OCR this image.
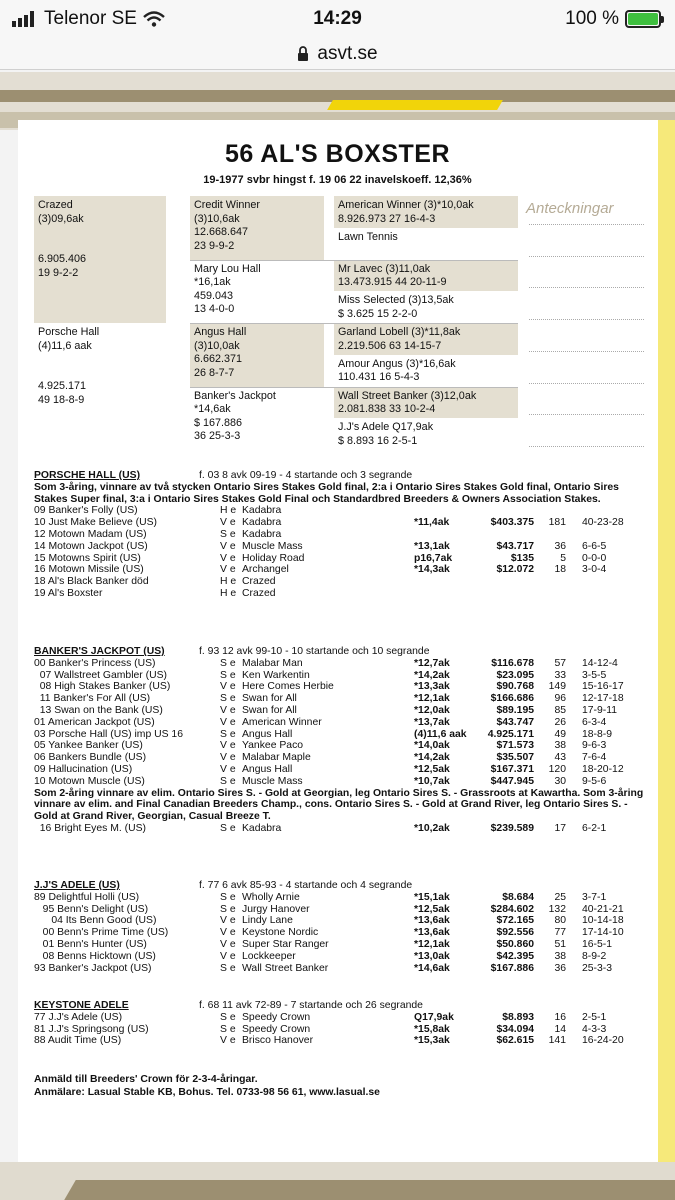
Telenor SE	14:29	100 %
asvt.se
56 AL'S BOXSTER
19-1977 svbr hingst f. 19 06 22 inavelskoeff. 12,36%
Crazed
(3)09,6ak
6.905.406
19 9-2-2
Porsche Hall
(4)11,6 aak
4.925.171
49 18-8-9
Credit Winner
(3)10,6ak
12.668.647
23 9-9-2
Mary Lou Hall
*16,1ak
459.043
13 4-0-0
Angus Hall
(3)10,0ak
6.662.371
26 8-7-7
Banker's Jackpot
*14,6ak
$ 167.886
36 25-3-3
American Winner (3)*10,0ak
8.926.973 27 16-4-3
Lawn Tennis
Mr Lavec (3)11,0ak
13.473.915 44 20-11-9
Miss Selected (3)13,5ak
$ 3.625 15 2-2-0
Garland Lobell (3)*11,8ak
2.219.506 63 14-15-7
Amour Angus (3)*16,6ak
110.431 16 5-4-3
Wall Street Banker (3)12,0ak
2.081.838 33 10-2-4
J.J's Adele Q17,9ak
$ 8.893 16 2-5-1
Anteckningar
PORSCHE HALL (US)	f. 03 8 avk 09-19 - 4 startande och 3 segrande
Som 3-åring, vinnare av två stycken Ontario Sires Stakes Gold final, 2:a i Ontario Sires Stakes Gold final, Ontario Sires Stakes Super final, 3:a i Ontario Sires Stakes Gold Final och Standardbred Breeders & Owners Association Stakes.
09 Banker's Folly (US)	H e Kadabra
10 Just Make Believe (US)	V e Kadabra	*11,4ak	$403.375	181 40-23-28
12 Motown Madam (US)	S e Kadabra
14 Motown Jackpot (US)	V e Muscle Mass	*13,1ak	$43.717	36 6-6-5
15 Motowns Spirit (US)	V e Holiday Road	p16,7ak	$135	5 0-0-0
16 Motown Missile (US)	V e Archangel	*14,3ak	$12.072	18 3-0-4
18 Al's Black Banker död	H e Crazed
19 Al's Boxster	H e Crazed
BANKER'S JACKPOT (US)	f. 93 12 avk 99-10 - 10 startande och 10 segrande
00 Banker's Princess (US)	S e Malabar Man	*12,7ak	$116.678	57 14-12-4
07 Wallstreet Gambler (US)	S e Ken Warkentin	*14,2ak	$23.095	33 3-5-5
08 High Stakes Banker (US)	V e Here Comes Herbie	*13,3ak	$90.768	149 15-16-17
11 Banker's For All (US)	S e Swan for All	*12,1ak	$166.686	96 12-17-18
13 Swan on the Bank (US)	V e Swan for All	*12,0ak	$89.195	85 17-9-11
01 American Jackpot (US)	V e American Winner	*13,7ak	$43.747	26 6-3-4
03 Porsche Hall (US) imp US 16	S e Angus Hall	(4)11,6 aak	4.925.171	49 18-8-9
05 Yankee Banker (US)	V e Yankee Paco	*14,0ak	$71.573	38 9-6-3
06 Bankers Bundle (US)	V e Malabar Maple	*14,2ak	$35.507	43 7-6-4
09 Hallucination (US)	V e Angus Hall	*12,5ak	$167.371	120 18-20-12
10 Motown Muscle (US)	S e Muscle Mass	*10,7ak	$447.945	30 9-5-6
Som 2-åring vinnare av elim. Ontario Sires S. - Gold at Georgian, leg Ontario Sires S. - Grassroots at Kawartha. Som 3-åring vinnare av elim. and Final Canadian Breeders Champ., cons. Ontario Sires S. - Gold at Grand River, leg Ontario Sires S. - Gold at Grand River, Georgian, Casual Breeze T.
16 Bright Eyes M. (US)	S e Kadabra	*10,2ak	$239.589	17 6-2-1
J.J'S ADELE (US)	f. 77 6 avk 85-93 - 4 startande och 4 segrande
89 Delightful Holli (US)	S e Wholly Arnie	*15,1ak	$8.684	25 3-7-1
95 Benn's Delight (US)	S e Jurgy Hanover	*12,5ak	$284.602	132 40-21-21
04 Its Benn Good (US)	V e Lindy Lane	*13,6ak	$72.165	80 10-14-18
00 Benn's Prime Time (US)	V e Keystone Nordic	*13,6ak	$92.556	77 17-14-10
01 Benn's Hunter (US)	V e Super Star Ranger	*12,1ak	$50.860	51 16-5-1
08 Benns Hicktown (US)	V e Lockkeeper	*13,0ak	$42.395	38 8-9-2
93 Banker's Jackpot (US)	S e Wall Street Banker	*14,6ak	$167.886	36 25-3-3
KEYSTONE ADELE	f. 68 11 avk 72-89 - 7 startande och 26 segrande
77 J.J's Adele (US)	S e Speedy Crown	Q17,9ak	$8.893	16 2-5-1
81 J.J's Springsong (US)	S e Speedy Crown	*15,8ak	$34.094	14 4-3-3
88 Audit Time (US)	V e Brisco Hanover	*15,3ak	$62.615	141 16-24-20
Anmäld till Breeders' Crown för 2-3-4-åringar.
Anmälare: Lasual Stable KB, Bohus. Tel. 0733-98 56 61, www.lasual.se
